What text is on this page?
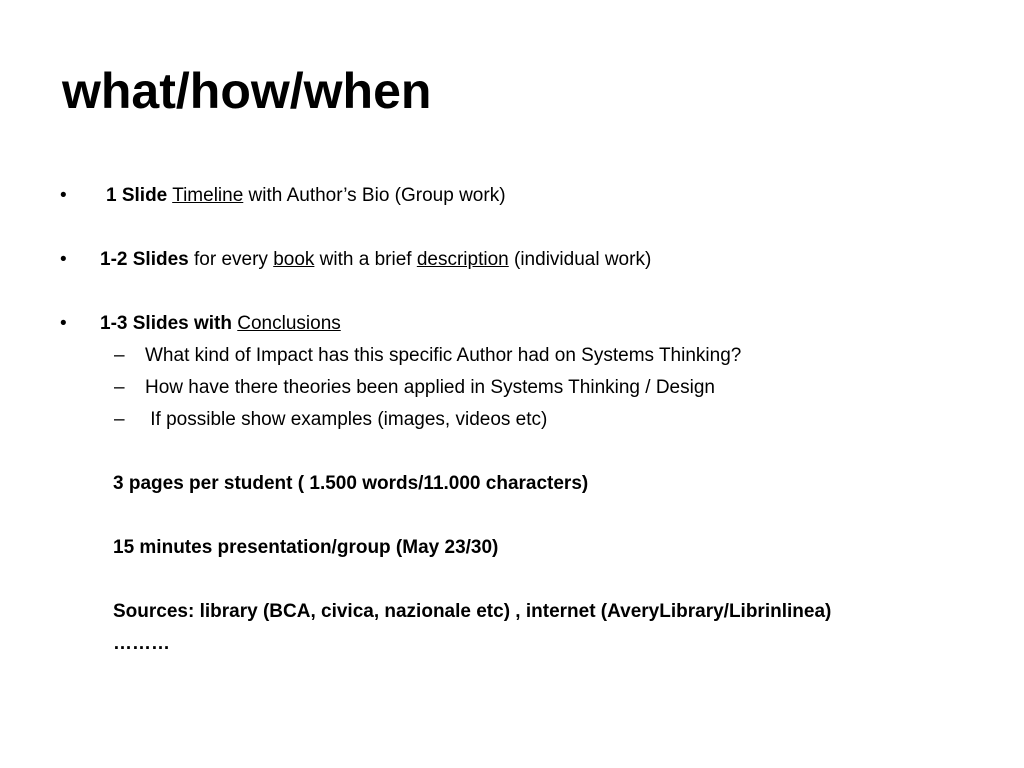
what/how/when
• 1 Slide Timeline with Author’s Bio (Group work)
• 1-2 Slides for every book with a brief description (individual work)
• 1-3 Slides with Conclusions
– What kind of Impact has this specific Author had on Systems Thinking?
– How have there theories been applied in Systems Thinking / Design
– If possible show examples (images, videos etc)
3 pages per student ( 1.500 words/11.000 characters)
15 minutes presentation/group (May 23/30)
Sources: library (BCA, civica, nazionale etc) , internet (AveryLibrary/Librinlinea)
………
